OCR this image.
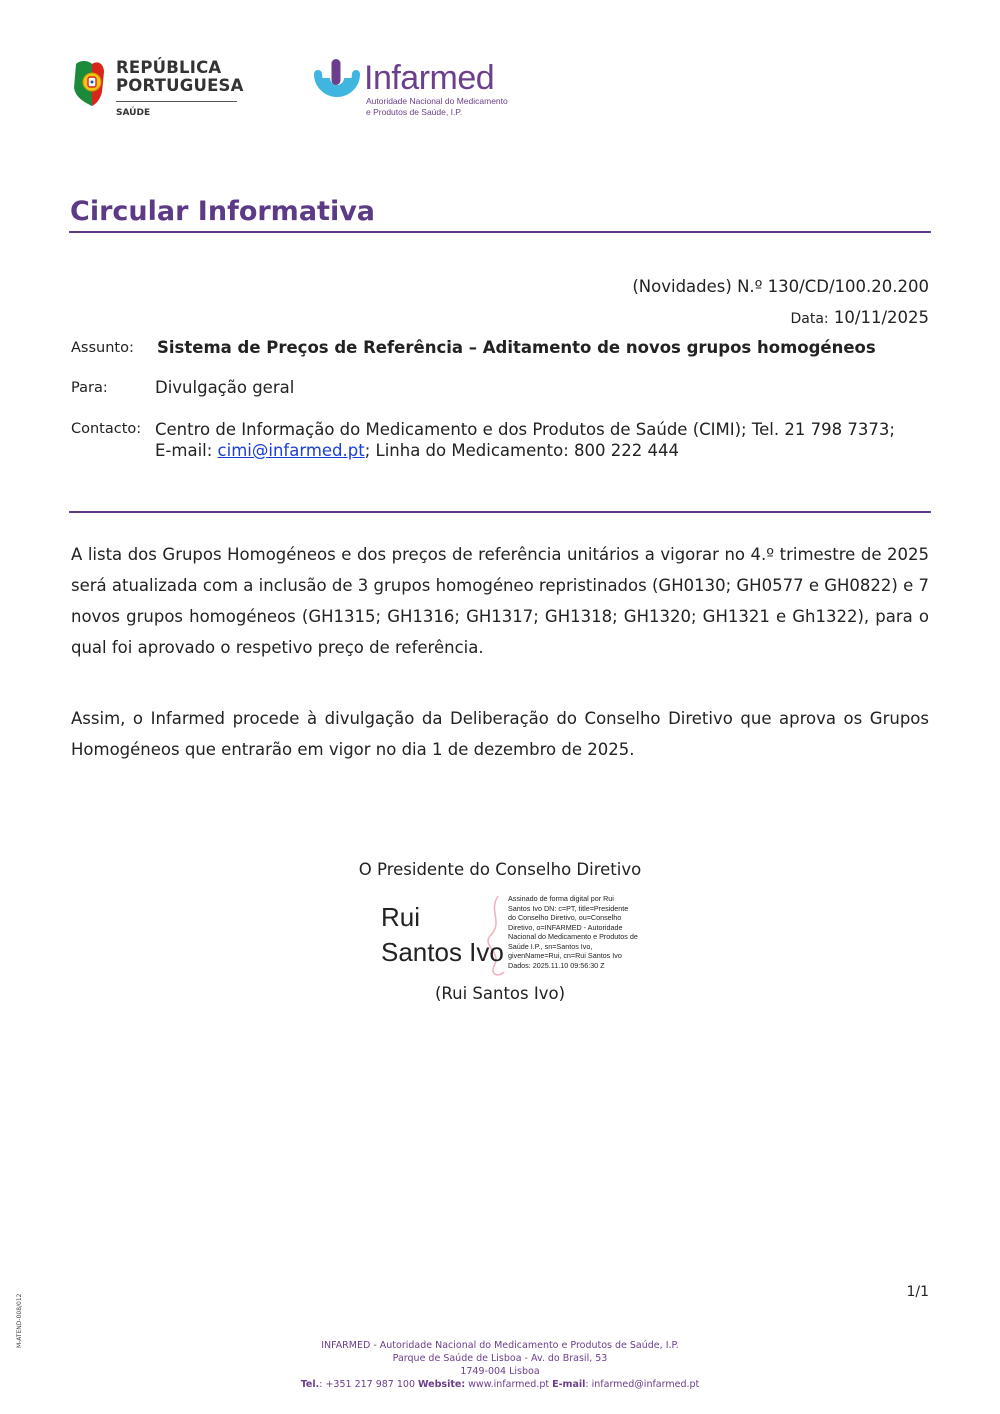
REPÚBLICA
PORTUGUESA
SAÚDE
Infarmed
Autoridade Nacional do Medicamento
e Produtos de Saúde, I.P.
Circular Informativa
(Novidades) N.º 130/CD/100.20.200
Data: 10/11/2025
Assunto: Sistema de Preços de Referência – Aditamento de novos grupos homogéneos
Para:	Divulgação geral
Contacto: Centro de Informação do Medicamento e dos Produtos de Saúde (CIMI); Tel. 21 798 7373;
E-mail: cimi@infarmed.pt; Linha do Medicamento: 800 222 444
A lista dos Grupos Homogéneos e dos preços de referência unitários a vigorar no 4.º trimestre de 2025 será atualizada com a inclusão de 3 grupos homogéneo repristinados (GH0130; GH0577 e GH0822) e 7 novos grupos homogéneos (GH1315; GH1316; GH1317; GH1318; GH1320; GH1321 e Gh1322), para o qual foi aprovado o respetivo preço de referência.
Assim, o Infarmed procede à divulgação da Deliberação do Conselho Diretivo que aprova os Grupos Homogéneos que entrarão em vigor no dia 1 de dezembro de 2025.
O Presidente do Conselho Diretivo
Rui
Santos Ivo
Assinado de forma digital por Rui Santos Ivo DN: c=PT, title=Presidente do Conselho Diretivo, ou=Conselho Diretivo, o=INFARMED - Autoridade Nacional do Medicamento e Produtos de Saúde I.P., sn=Santos Ivo, givenName=Rui, cn=Rui Santos Ivo Dados: 2025.11.10 09:56:30 Z
(Rui Santos Ivo)
1/1
M-ATEND-008/012	INFARMED - Autoridade Nacional do Medicamento e Produtos de Saúde, I.P.
Parque de Saúde de Lisboa - Av. do Brasil, 53
1749-004 Lisboa
Tel.: +351 217 987 100 Website: www.infarmed.pt E-mail: infarmed@infarmed.pt
